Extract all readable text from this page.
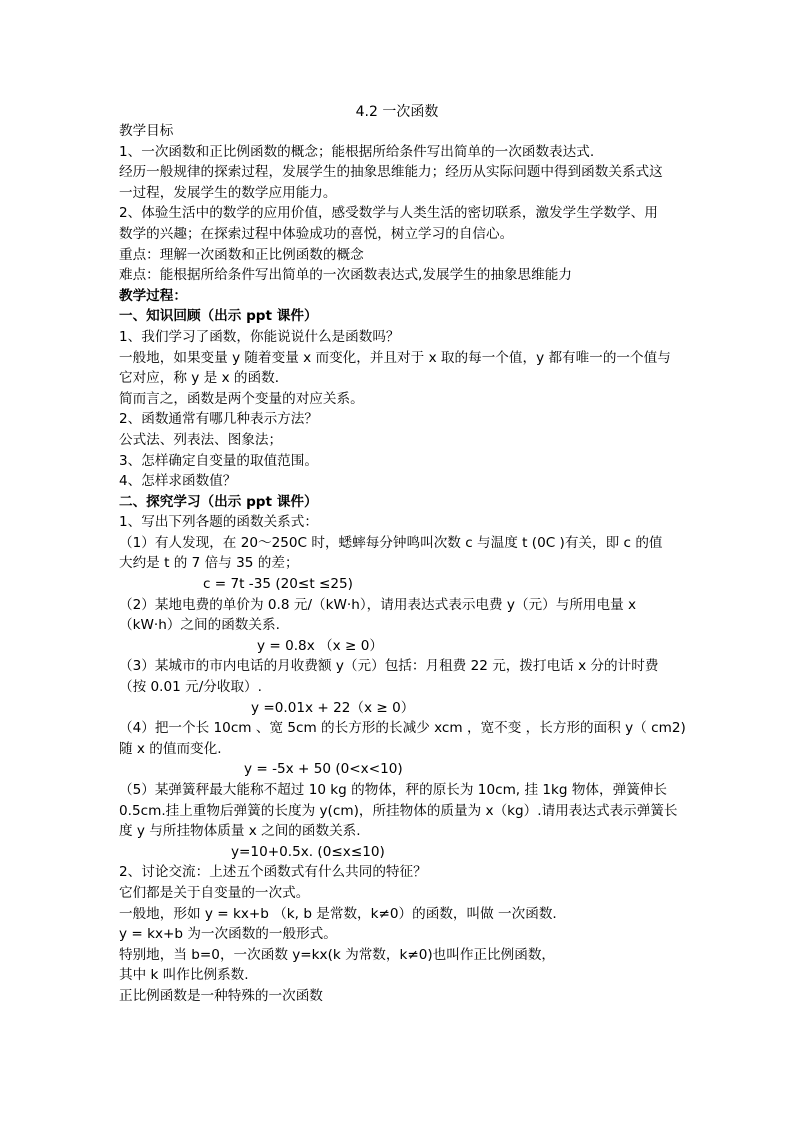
4.2 一次函数
教学目标
1、一次函数和正比例函数的概念；能根据所给条件写出简单的一次函数表达式.
经历一般规律的探索过程，发展学生的抽象思维能力；经历从实际问题中得到函数关系式这
一过程，发展学生的数学应用能力。
2、体验生活中的数学的应用价值，感受数学与人类生活的密切联系，激发学生学数学、用
数学的兴趣；在探索过程中体验成功的喜悦，树立学习的自信心。
重点：理解一次函数和正比例函数的概念
难点：能根据所给条件写出简单的一次函数表达式,发展学生的抽象思维能力
教学过程：
一、知识回顾（出示 ppt 课件）
1、我们学习了函数，你能说说什么是函数吗？
一般地，如果变量 y 随着变量 x 而变化，并且对于 x 取的每一个值，y 都有唯一的一个值与
它对应，称 y 是 x 的函数．
简而言之，函数是两个变量的对应关系。
2、函数通常有哪几种表示方法？
公式法、列表法、图象法；
3、怎样确定自变量的取值范围。
4、怎样求函数值？
二、探究学习（出示 ppt 课件）
1、写出下列各题的函数关系式：
（1）有人发现，在 20～250C 时，蟋蟀每分钟鸣叫次数 c 与温度 t (0C )有关，即 c 的值
大约是 t 的 7 倍与 35 的差；
c = 7t -35 (20≤t ≤25)
（2）某地电费的单价为 0.8 元/（kW·h），请用表达式表示电费 y（元）与所用电量 x
（kW·h）之间的函数关系.
y = 0.8x （x ≥ 0）
（3）某城市的市内电话的月收费额 y（元）包括：月租费 22 元，拨打电话 x 分的计时费
（按 0.01 元/分收取）.
y =0.01x + 22（x ≥ 0）
（4）把一个长 10cm 、宽 5cm 的长方形的长减少 xcm ，宽不变 ，长方形的面积 y（ cm2)
随 x 的值而变化.
y = -5x + 50 (0<x<10)
（5）某弹簧秤最大能称不超过 10 kg 的物体，秤的原长为 10cm, 挂 1kg 物体，弹簧伸长
0.5cm.挂上重物后弹簧的长度为 y(cm)，所挂物体的质量为 x（kg）.请用表达式表示弹簧长
度 y 与所挂物体质量 x 之间的函数关系.
y=10+0.5x. (0≤x≤10)
2、讨论交流：上述五个函数式有什么共同的特征？
它们都是关于自变量的一次式。
一般地，形如 y = kx+b （k, b 是常数，k≠0）的函数，叫做 一次函数.
y = kx+b 为一次函数的一般形式。
特别地，当 b=0，一次函数 y=kx(k 为常数，k≠0)也叫作正比例函数，
其中 k 叫作比例系数.
正比例函数是一种特殊的一次函数
